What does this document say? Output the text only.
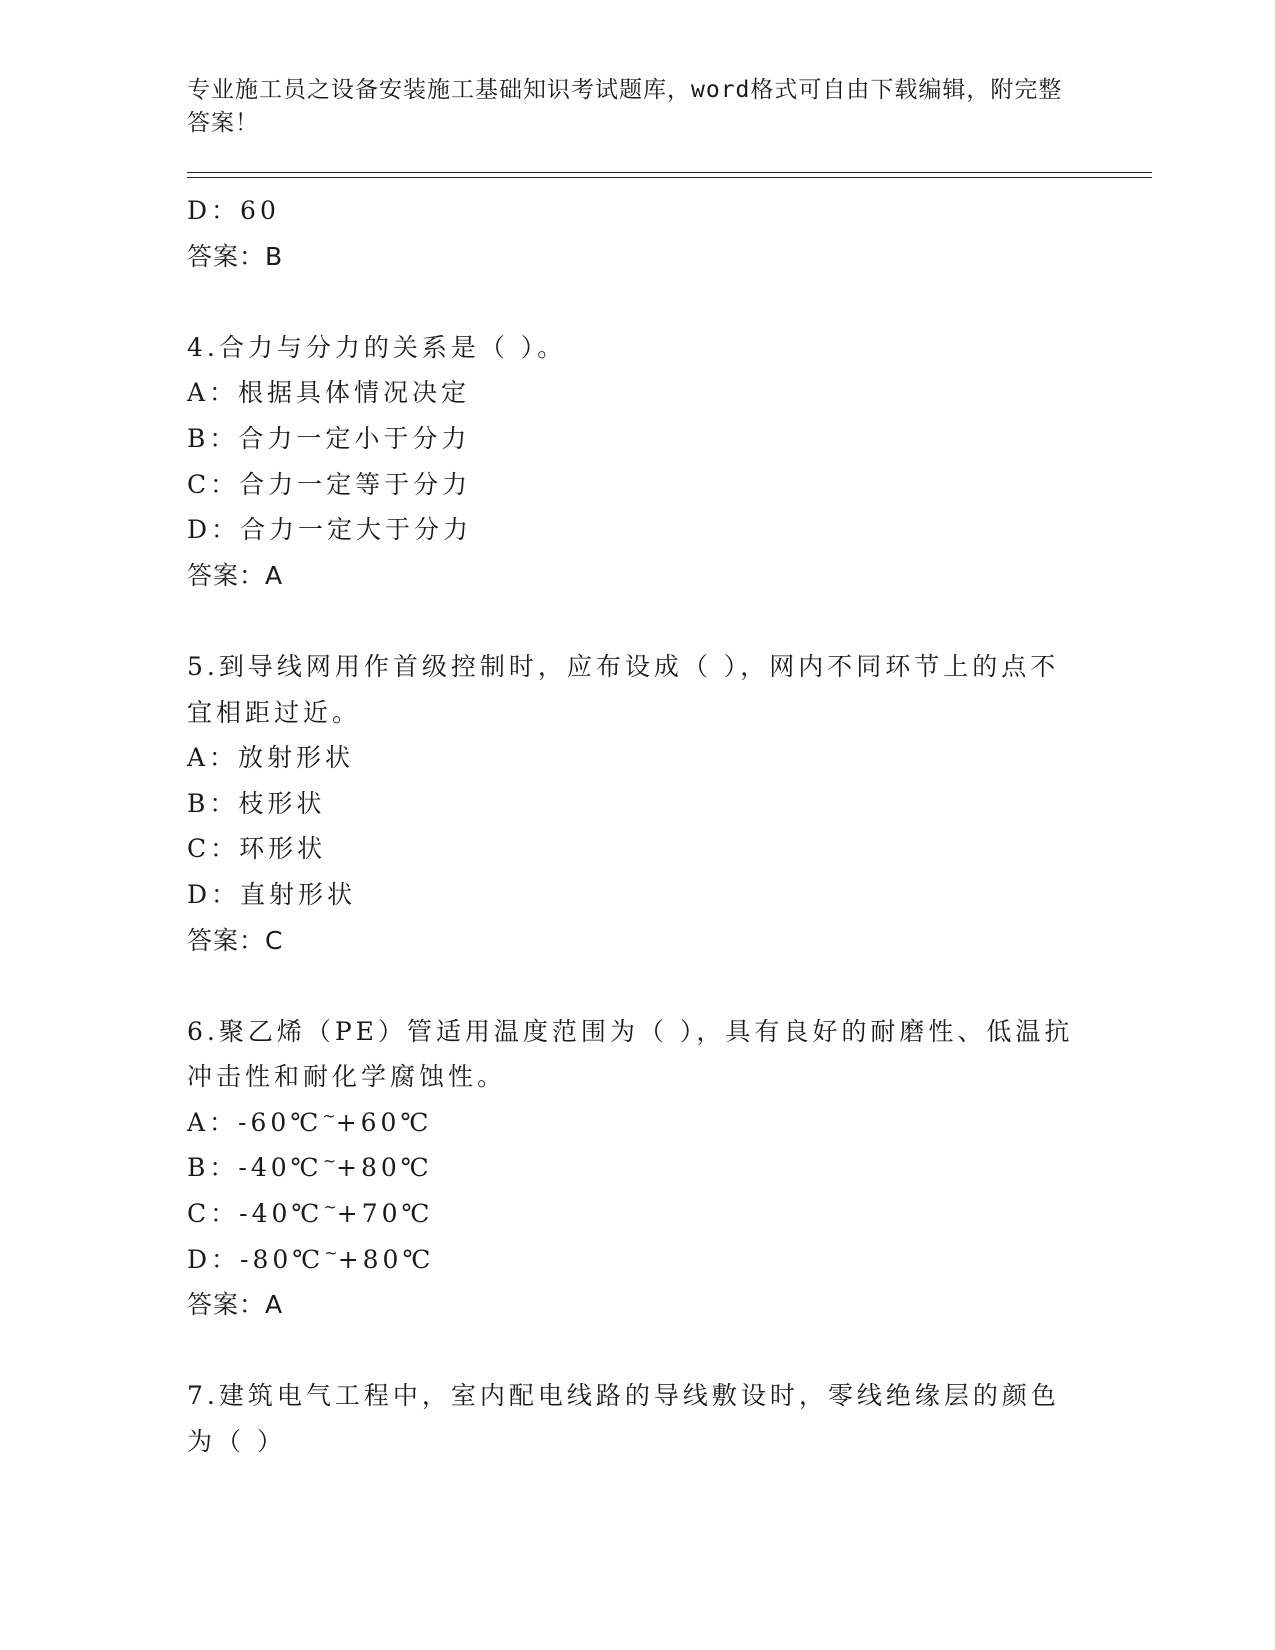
专业施工员之设备安装施工基础知识考试题库，word格式可自由下载编辑，附完整答案！
D：60
答案：B
4.合力与分力的关系是（ ）。
A：根据具体情况决定
B：合力一定小于分力
C：合力一定等于分力
D：合力一定大于分力
答案：A
5.到导线网用作首级控制时，应布设成（ ），网内不同环节上的点不宜相距过近。
A：放射形状
B：枝形状
C：环形状
D：直射形状
答案：C
6.聚乙烯（PE）管适用温度范围为（ ），具有良好的耐磨性、低温抗冲击性和耐化学腐蚀性。
A：-60℃~+60℃
B：-40℃~+80℃
C：-40℃~+70℃
D：-80℃~+80℃
答案：A
7.建筑电气工程中，室内配电线路的导线敷设时，零线绝缘层的颜色为（ ）
